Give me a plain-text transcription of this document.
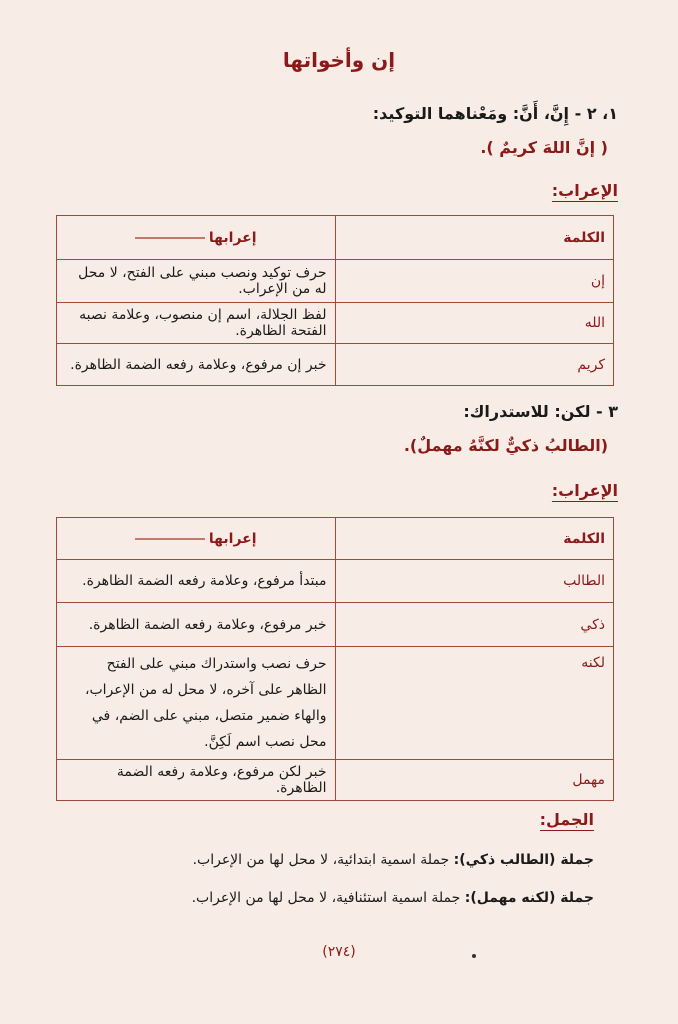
إن وأخواتها
١، ٢ - إِنَّ، أَنَّ: ومَعْناهما التوكيد:
( إنَّ اللهَ كريمٌ ).
الإعراب:
الكلمة	إعرابها
إن	حرف توكيد ونصب مبني على الفتح، لا محل له من الإعراب.
الله	لفظ الجلالة، اسم إن منصوب، وعلامة نصبه الفتحة الظاهرة.
كريم	خبر إن مرفوع، وعلامة رفعه الضمة الظاهرة.
٣ - لكن: للاستدراك:
(الطالبُ ذكيٌّ لكنَّهُ مهملٌ).
الإعراب:
الكلمة	إعرابها
الطالب	مبتدأ مرفوع، وعلامة رفعه الضمة الظاهرة.
ذكي	خبر مرفوع، وعلامة رفعه الضمة الظاهرة.
لكنه	حرف نصب واستدراك مبني على الفتح الظاهر على آخره، لا محل له من الإعراب، والهاء ضمير متصل، مبني على الضم، في محل نصب اسم لَكِنَّ.
مهمل	خبر لكن مرفوع، وعلامة رفعه الضمة الظاهرة.
الجمل:
جملة (الطالب ذكي): جملة اسمية ابتدائية، لا محل لها من الإعراب.
جملة (لكنه مهمل): جملة اسمية استئنافية، لا محل لها من الإعراب.
(٢٧٤)
